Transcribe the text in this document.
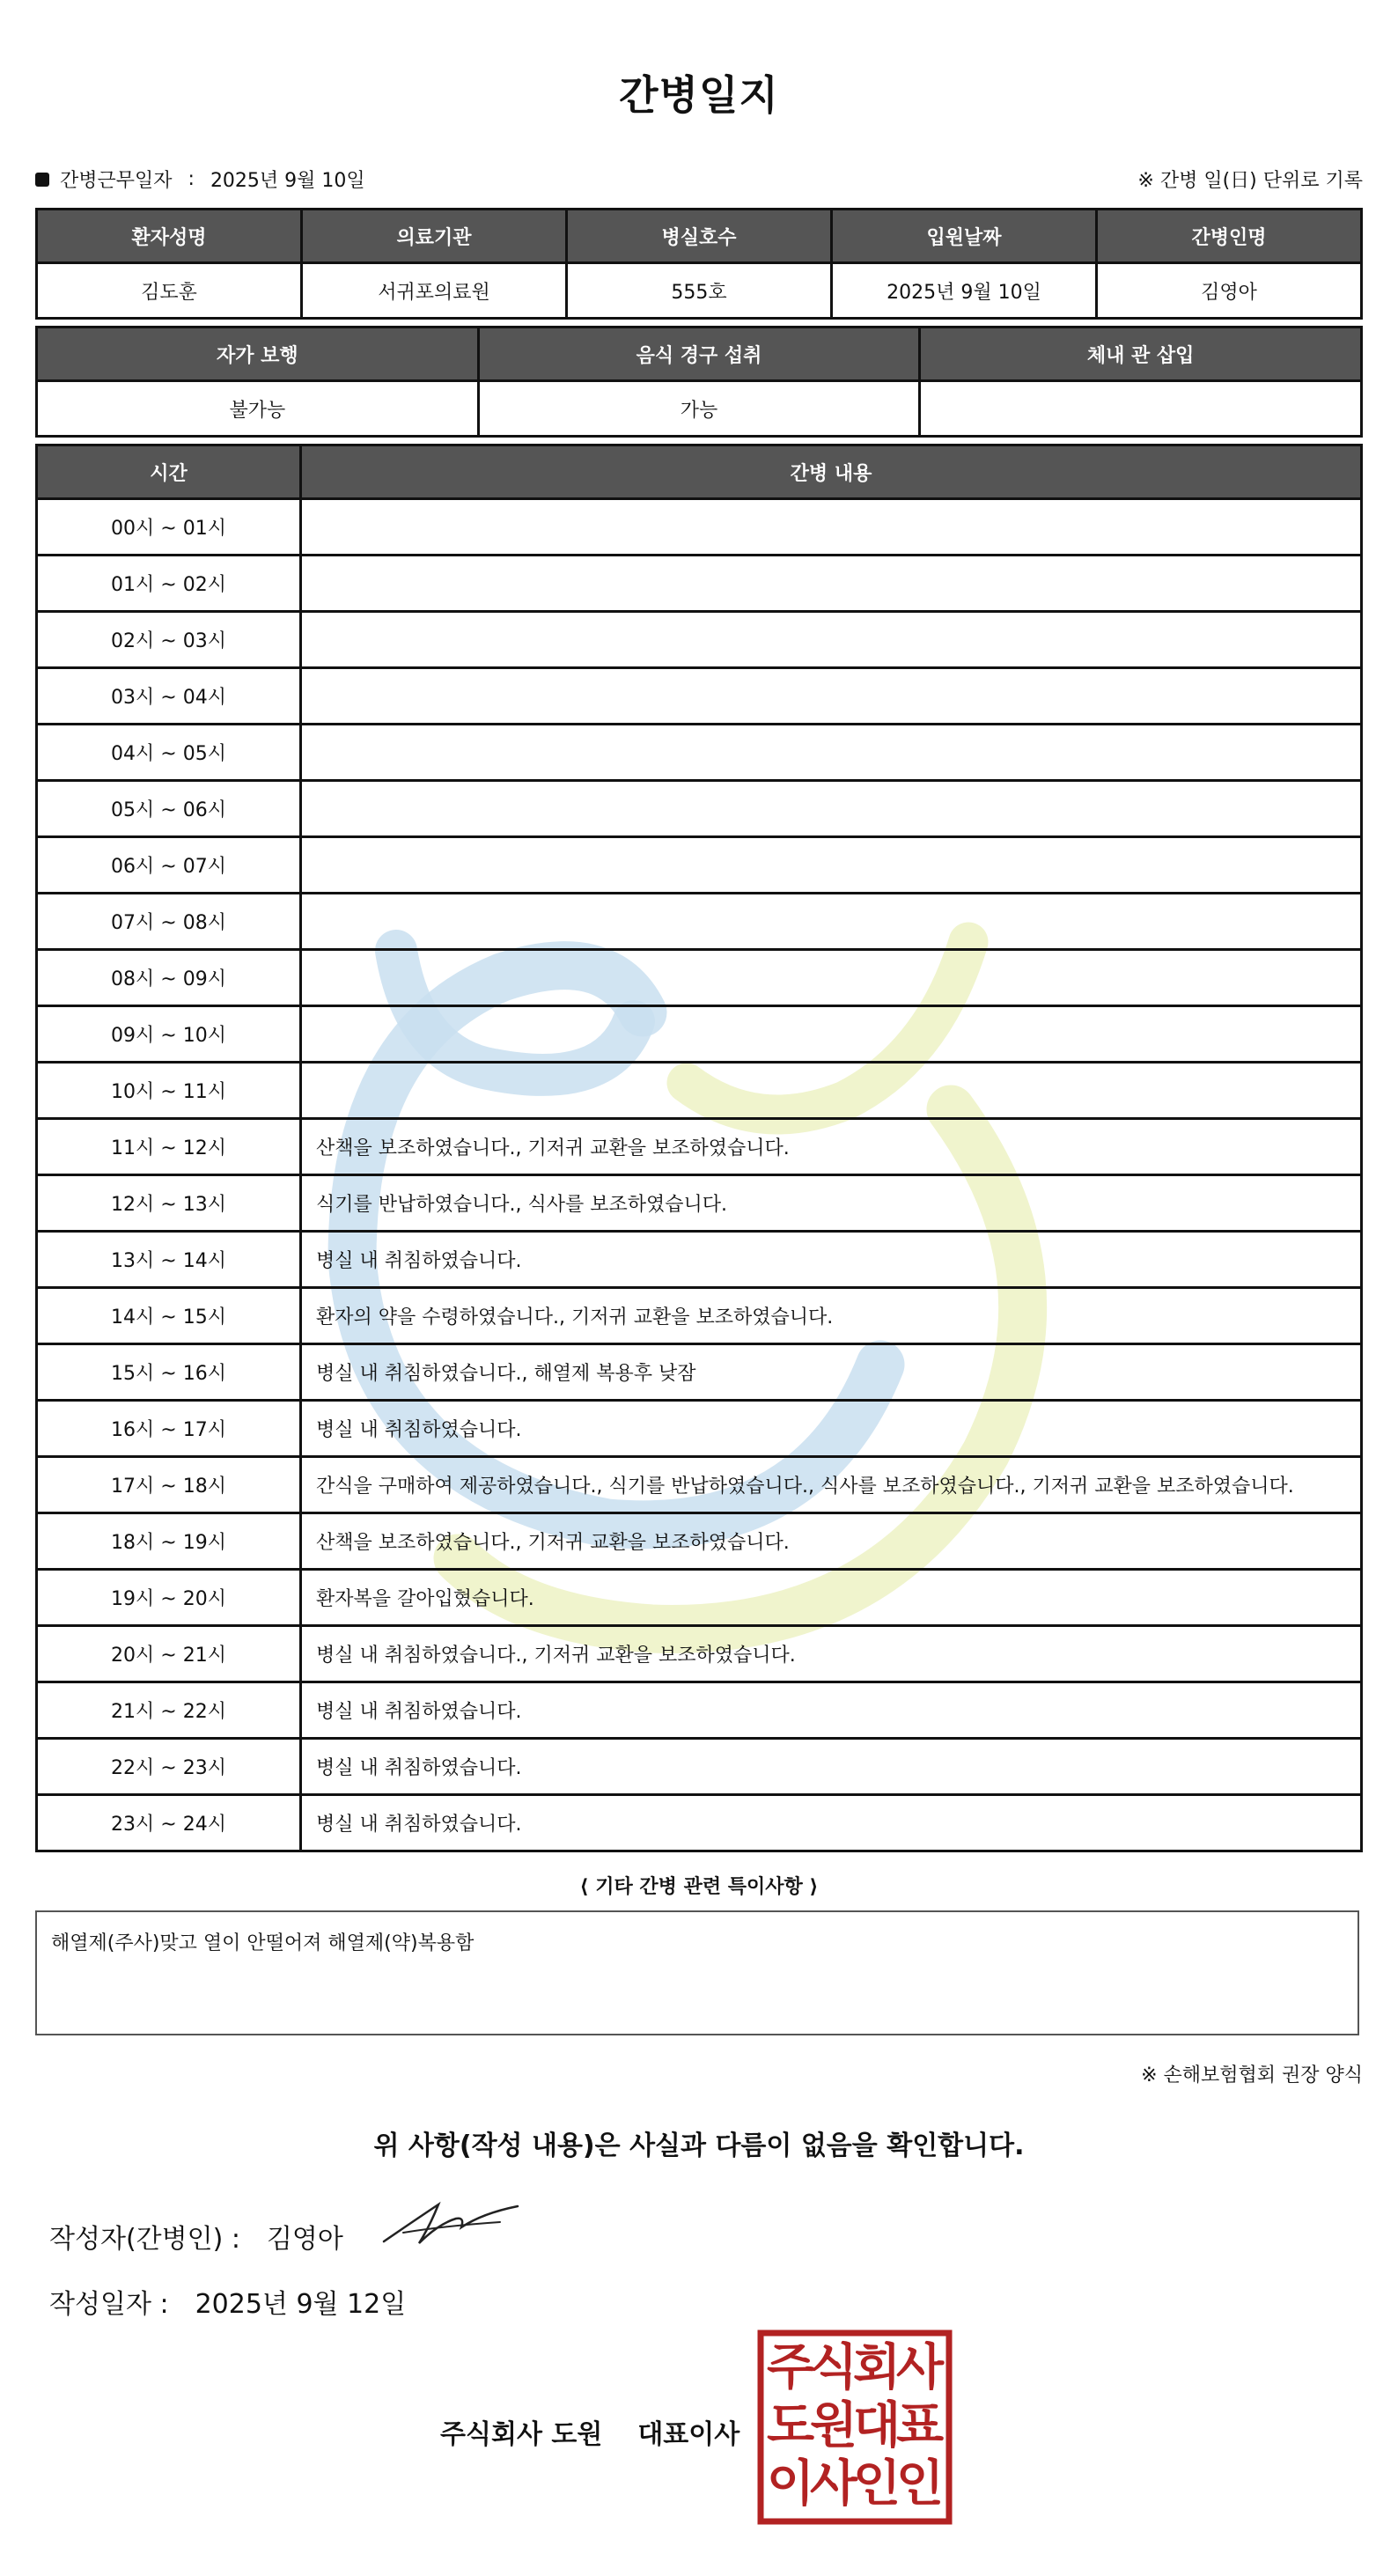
간병일지
간병근무일자 : 2025년 9월 10일	※ 간병 일(日) 단위로 기록
환자성명	의료기관	병실호수	입원날짜	간병인명
김도훈	서귀포의료원	555호	2025년 9월 10일	김영아
자가 보행	음식 경구 섭취	체내 관 삽입
불가능	가능	
시간	간병 내용
00시 ~ 01시	
01시 ~ 02시	
02시 ~ 03시	
03시 ~ 04시	
04시 ~ 05시	
05시 ~ 06시	
06시 ~ 07시	
07시 ~ 08시	
08시 ~ 09시	
09시 ~ 10시	
10시 ~ 11시	
11시 ~ 12시	산책을 보조하였습니다., 기저귀 교환을 보조하였습니다.
12시 ~ 13시	식기를 반납하였습니다., 식사를 보조하였습니다.
13시 ~ 14시	병실 내 취침하였습니다.
14시 ~ 15시	환자의 약을 수령하였습니다., 기저귀 교환을 보조하였습니다.
15시 ~ 16시	병실 내 취침하였습니다., 해열제 복용후 낮잠
16시 ~ 17시	병실 내 취침하였습니다.
17시 ~ 18시	간식을 구매하여 제공하였습니다., 식기를 반납하였습니다., 식사를 보조하였습니다., 기저귀 교환을 보조하였습니다.
18시 ~ 19시	산책을 보조하였습니다., 기저귀 교환을 보조하였습니다.
19시 ~ 20시	환자복을 갈아입혔습니다.
20시 ~ 21시	병실 내 취침하였습니다., 기저귀 교환을 보조하였습니다.
21시 ~ 22시	병실 내 취침하였습니다.
22시 ~ 23시	병실 내 취침하였습니다.
23시 ~ 24시	병실 내 취침하였습니다.
⟨ 기타 간병 관련 특이사항 ⟩
해열제(주사)맞고 열이 안떨어져 해열제(약)복용함
※ 손해보험협회 권장 양식
위 사항(작성 내용)은 사실과 다름이 없음을 확인합니다.
작성자(간병인) : 김영아
작성일자 : 2025년 9월 12일
주식회사 도원 대표이사
주
식
회
사
도
원
대
표
이
사
인
인
